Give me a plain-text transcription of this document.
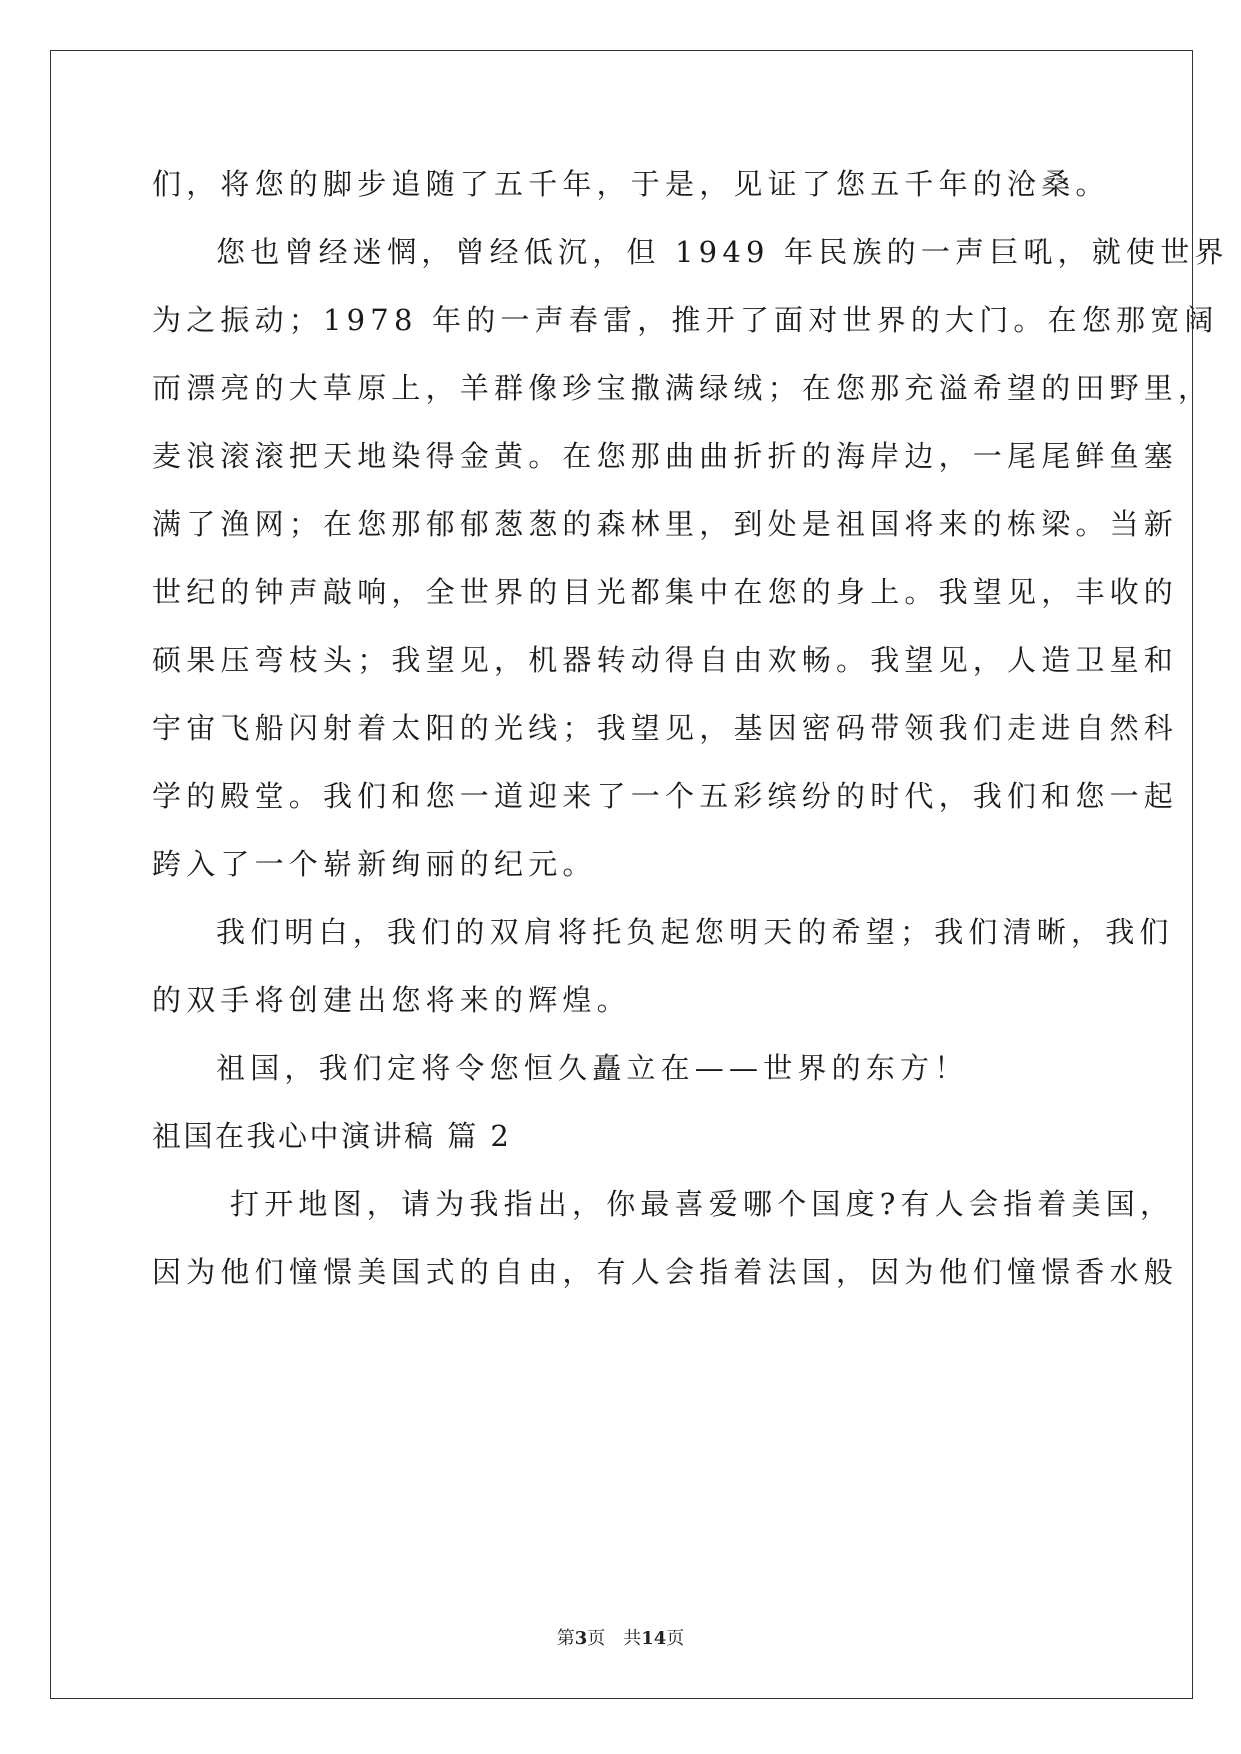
们，将您的脚步追随了五千年，于是，见证了您五千年的沧桑。
您也曾经迷惘，曾经低沉，但 1949 年民族的一声巨吼，就使世界
为之振动；1978 年的一声春雷，推开了面对世界的大门。在您那宽阔
而漂亮的大草原上，羊群像珍宝撒满绿绒；在您那充溢希望的田野里，
麦浪滚滚把天地染得金黄。在您那曲曲折折的海岸边，一尾尾鲜鱼塞
满了渔网；在您那郁郁葱葱的森林里，到处是祖国将来的栋梁。当新
世纪的钟声敲响，全世界的目光都集中在您的身上。我望见，丰收的
硕果压弯枝头；我望见，机器转动得自由欢畅。我望见，人造卫星和
宇宙飞船闪射着太阳的光线；我望见，基因密码带领我们走进自然科
学的殿堂。我们和您一道迎来了一个五彩缤纷的时代，我们和您一起
跨入了一个崭新绚丽的纪元。
我们明白，我们的双肩将托负起您明天的希望；我们清晰，我们
的双手将创建出您将来的辉煌。
祖国，我们定将令您恒久矗立在——世界的东方！
祖国在我心中演讲稿 篇 2
打开地图，请为我指出，你最喜爱哪个国度?有人会指着美国，
因为他们憧憬美国式的自由，有人会指着法国，因为他们憧憬香水般
第3页 共14页
